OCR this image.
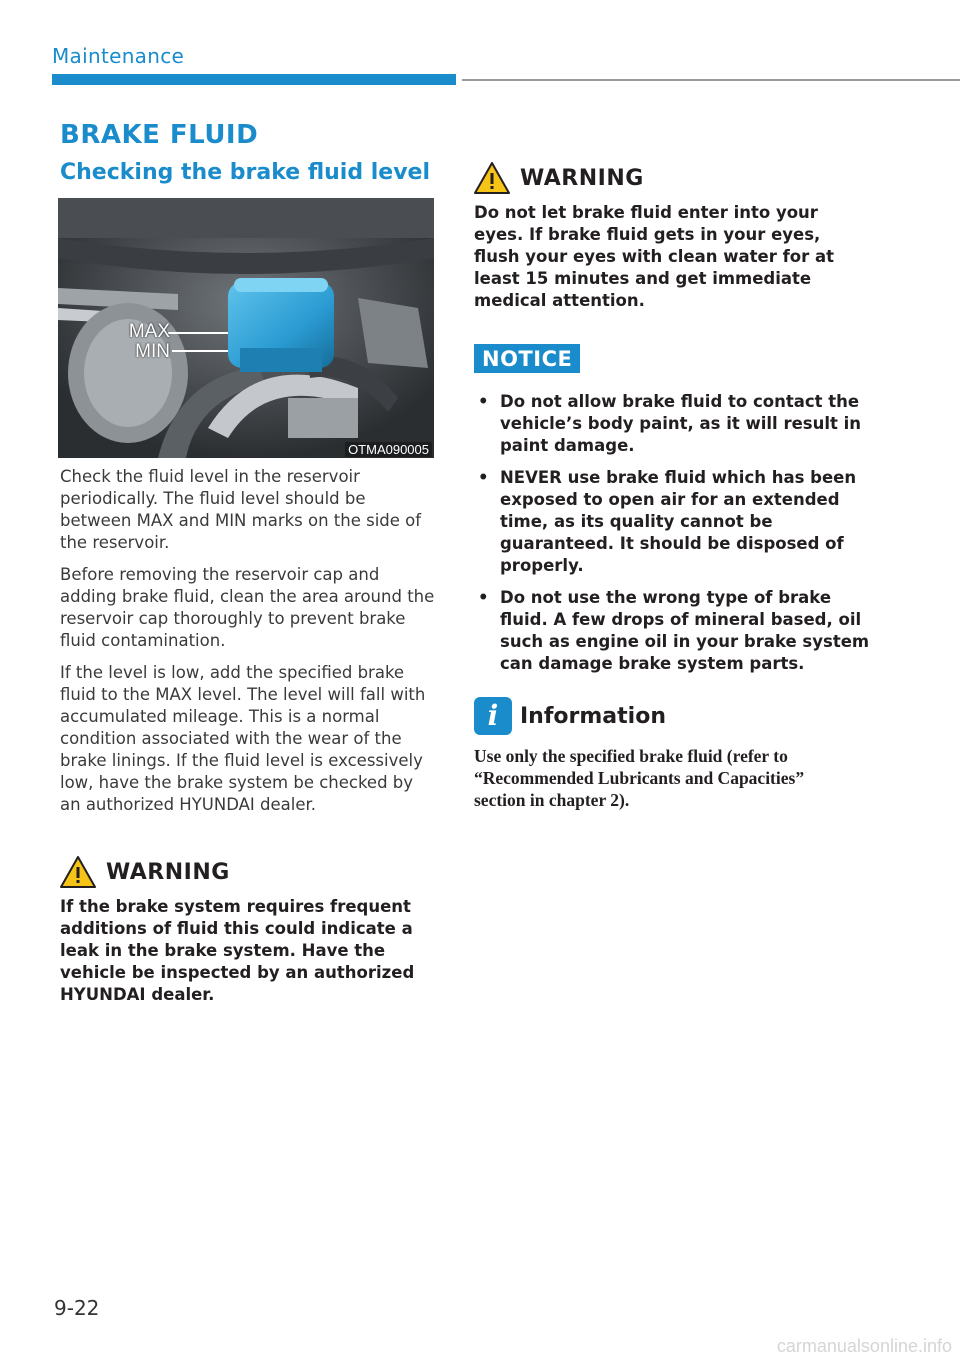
Maintenance
BRAKE FLUID
Checking the brake fluid level
MAX
MIN
OTMA090005

Check the fluid level in the reservoir periodically. The fluid level should be between MAX and MIN marks on the side of the reservoir.

Before removing the reservoir cap and adding brake fluid, clean the area around the reservoir cap thoroughly to prevent brake fluid contamination.

If the level is low, add the specified brake fluid to the MAX level. The level will fall with accumulated mileage. This is a normal condition associated with the wear of the brake linings. If the fluid level is excessively low, have the brake system be checked by an authorized HYUNDAI dealer.

WARNING
If the brake system requires frequent additions of fluid this could indicate a leak in the brake system. Have the vehicle be inspected by an authorized HYUNDAI dealer.
WARNING
Do not let brake fluid enter into your eyes. If brake fluid gets in your eyes, flush your eyes with clean water for at least 15 minutes and get immediate medical attention.
NOTICE
• Do not allow brake fluid to contact the vehicle’s body paint, as it will result in paint damage.
• NEVER use brake fluid which has been exposed to open air for an extended time, as its quality cannot be guaranteed. It should be disposed of properly.
• Do not use the wrong type of brake fluid. A few drops of mineral based, oil such as engine oil in your brake system can damage brake system parts.
i Information
Use only the specified brake fluid (refer to “Recommended Lubricants and Capacities” section in chapter 2).
9-22
carmanualsonline.info
